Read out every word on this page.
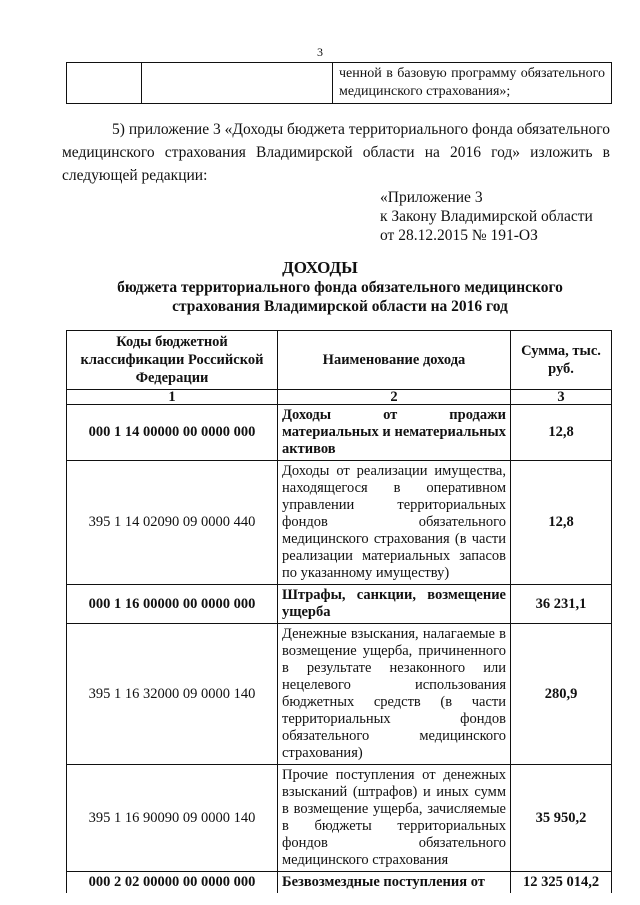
3
		ченной в базовую программу обязательного медицинского страхования»;

5) приложение 3 «Доходы бюджета территориального фонда обязательного медицинского страхования Владимирской области на 2016 год» изложить в следующей редакции:

«Приложение 3
к Закону Владимирской области
от 28.12.2015 № 191-ОЗ
ДОХОДЫ
бюджета территориального фонда обязательного медицинского страхования Владимирской области на 2016 год
Коды бюджетной классификации Российской Федерации	Наименование дохода	Сумма, тыс. руб.
1	2	3
000 1 14 00000 00 0000 000	Доходы от продажи материальных и нематериальных активов	12,8
395 1 14 02090 09 0000 440	Доходы от реализации имущества, находящегося в оперативном управлении территориальных фондов обязательного медицинского страхования (в части реализации материальных запасов по указанному имуществу)	12,8
000 1 16 00000 00 0000 000	Штрафы, санкции, возмещение ущерба	36 231,1
395 1 16 32000 09 0000 140	Денежные взыскания, налагаемые в возмещение ущерба, причиненного в результате незаконного или нецелевого использования бюджетных средств (в части территориальных фондов обязательного медицинского страхования)	280,9
395 1 16 90090 09 0000 140	Прочие поступления от денежных взысканий (штрафов) и иных сумм в возмещение ущерба, зачисляемые в бюджеты территориальных фондов обязательного медицинского страхования	35 950,2
000 2 02 00000 00 0000 000	Безвозмездные поступления от	12 325 014,2
